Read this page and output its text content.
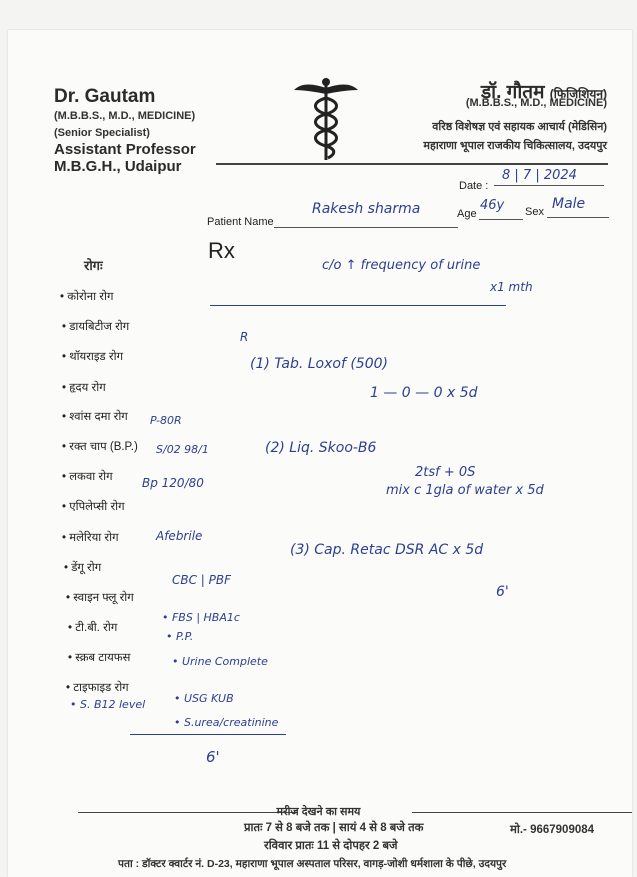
Dr. Gautam
(M.B.B.S., M.D., MEDICINE)
(Senior Specialist)
Assistant Professor
M.B.G.H., Udaipur
डॉ. गौतम (फिजिशियन)
(M.B.B.S., M.D., MEDICINE)
वरिष्ठ विशेषज्ञ एवं सहायक आचार्य (मेडिसिन)
महाराणा भूपाल राजकीय चिकित्सालय, उदयपुर
Date :
8 | 7 | 2024
Patient Name
Rakesh sharma	Age
46y Sex Male
Rx
रोगः
• कोरोना रोग
• डायबिटीज रोग
• थॉयराइड रोग
• हृदय रोग
• श्वांस दमा रोग
• रक्त चाप (B.P.)
• लकवा रोग
• एपिलेप्सी रोग
• मलेरिया रोग
• डेंगू रोग
• स्वाइन फ्लू रोग
• टी.बी. रोग
• स्क्रब टायफस
• टाइफाइड रोग
c/o ↑ frequency of urine
x1 mth
R
(1) Tab. Loxof (500)
1 — 0 — 0 x 5d
(2) Liq. Skoo-B6
2tsf + 0S
mix c 1gla of water x 5d
(3) Cap. Retac DSR AC x 5d
6'
P-80R
S/02 98/1
Bp 120/80
Afebrile
CBC | PBF
• FBS | HBA1c
• P.P.
• Urine Complete
• S. B12 level	• USG KUB
• S.urea/creatinine
6'
मरीज देखने का समय
प्रातः 7 से 8 बजे तक | सायं 4 से 8 बजे तक
रविवार प्रातः 11 से दोपहर 2 बजे
मो.- 9667909084
पता : डॉक्टर क्वार्टर नं. D-23, महाराणा भूपाल अस्पताल परिसर, वागड़-जोशी धर्मशाला के पीछे, उदयपुर
